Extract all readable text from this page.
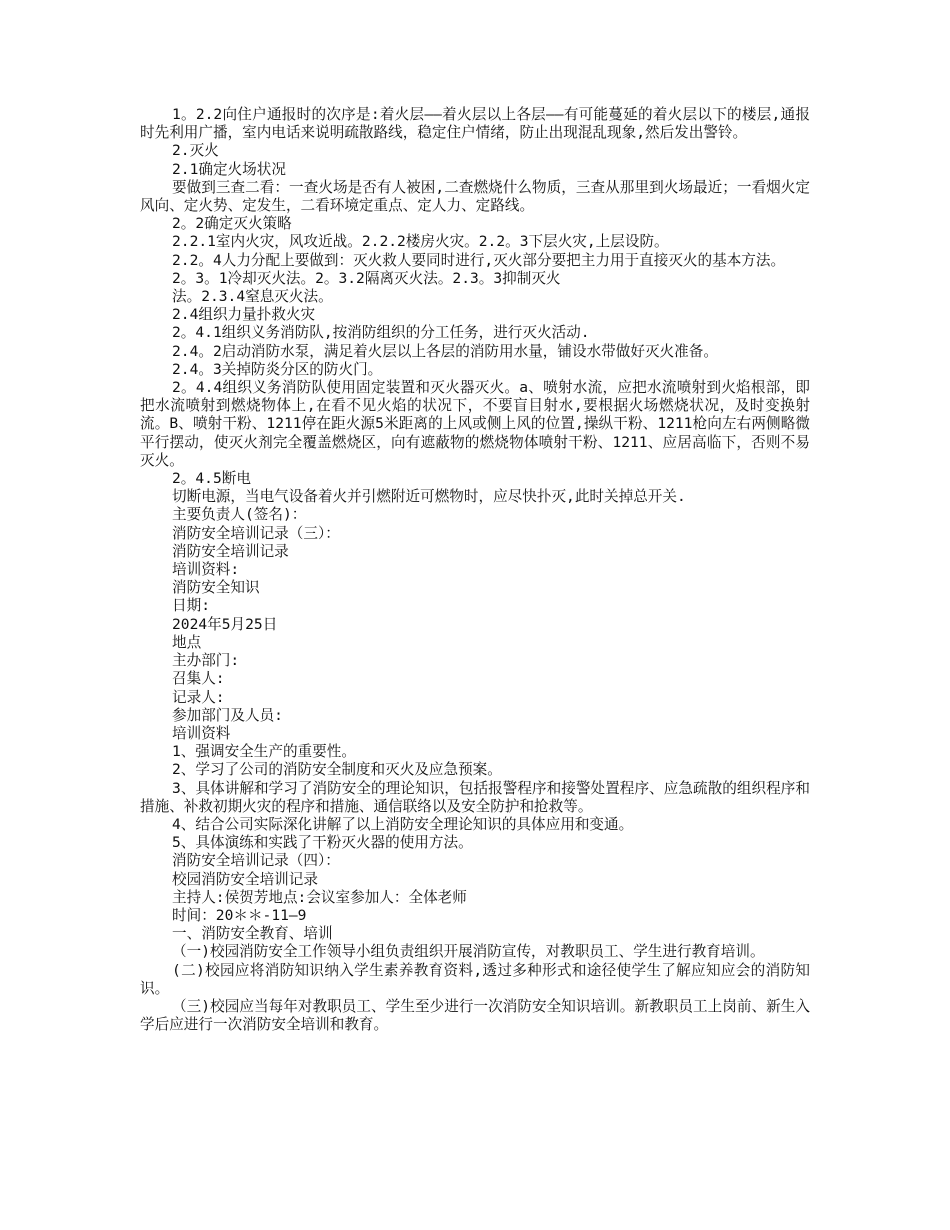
1。2.2向住户通报时的次序是:着火层——着火层以上各层——有可能蔓延的着火层以下的楼层,通报时先利用广播，室内电话来说明疏散路线，稳定住户情绪，防止出现混乱现象,然后发出警铃。

2.灭火

2.1确定火场状况

要做到三查二看：一查火场是否有人被困,二查燃烧什么物质，三查从那里到火场最近；一看烟火定风向、定火势、定发生，二看环境定重点、定人力、定路线。

2。2确定灭火策略

2.2.1室内火灾，风攻近战。2.2.2楼房火灾。2.2。3下层火灾,上层设防。

2.2。4人力分配上要做到：灭火救人要同时进行,灭火部分要把主力用于直接灭火的基本方法。

2。3。1冷却灭火法。2。3.2隔离灭火法。2.3。3抑制灭火

法。2.3.4窒息灭火法。

2.4组织力量扑救火灾

2。4.1组织义务消防队,按消防组织的分工任务，进行灭火活动.

2.4。2启动消防水泵，满足着火层以上各层的消防用水量，铺设水带做好灭火准备。

2.4。3关掉防炎分区的防火门。

2。4.4组织义务消防队使用固定装置和灭火器灭火。a、喷射水流，应把水流喷射到火焰根部，即把水流喷射到燃烧物体上,在看不见火焰的状况下，不要盲目射水,要根据火场燃烧状况，及时变换射流。B、喷射干粉、1211停在距火源5米距离的上风或侧上风的位置,操纵干粉、1211枪向左右两侧略微平行摆动，使灭火剂完全覆盖燃烧区，向有遮蔽物的燃烧物体喷射干粉、1211、应居高临下，否则不易灭火。

2。4.5断电

切断电源，当电气设备着火并引燃附近可燃物时，应尽快扑灭,此时关掉总开关.

主要负责人(签名)：

消防安全培训记录（三）：

消防安全培训记录

培训资料:

消防安全知识

日期:

2024年5月25日

地点

主办部门:

召集人:

记录人:

参加部门及人员:

培训资料

1、强调安全生产的重要性。

2、学习了公司的消防安全制度和灭火及应急预案。

3、具体讲解和学习了消防安全的理论知识，包括报警程序和接警处置程序、应急疏散的组织程序和措施、补救初期火灾的程序和措施、通信联络以及安全防护和抢救等。

4、结合公司实际深化讲解了以上消防安全理论知识的具体应用和变通。

5、具体演练和实践了干粉灭火器的使用方法。

消防安全培训记录（四）：

校园消防安全培训记录

主持人:侯贺芳地点:会议室参加人：全体老师

时间：20＊＊-11—9

一、消防安全教育、培训

（一)校园消防安全工作领导小组负责组织开展消防宣传，对教职员工、学生进行教育培训。

(二)校园应将消防知识纳入学生素养教育资料,透过多种形式和途径使学生了解应知应会的消防知识。

（三)校园应当每年对教职员工、学生至少进行一次消防安全知识培训。新教职员工上岗前、新生入学后应进行一次消防安全培训和教育。
